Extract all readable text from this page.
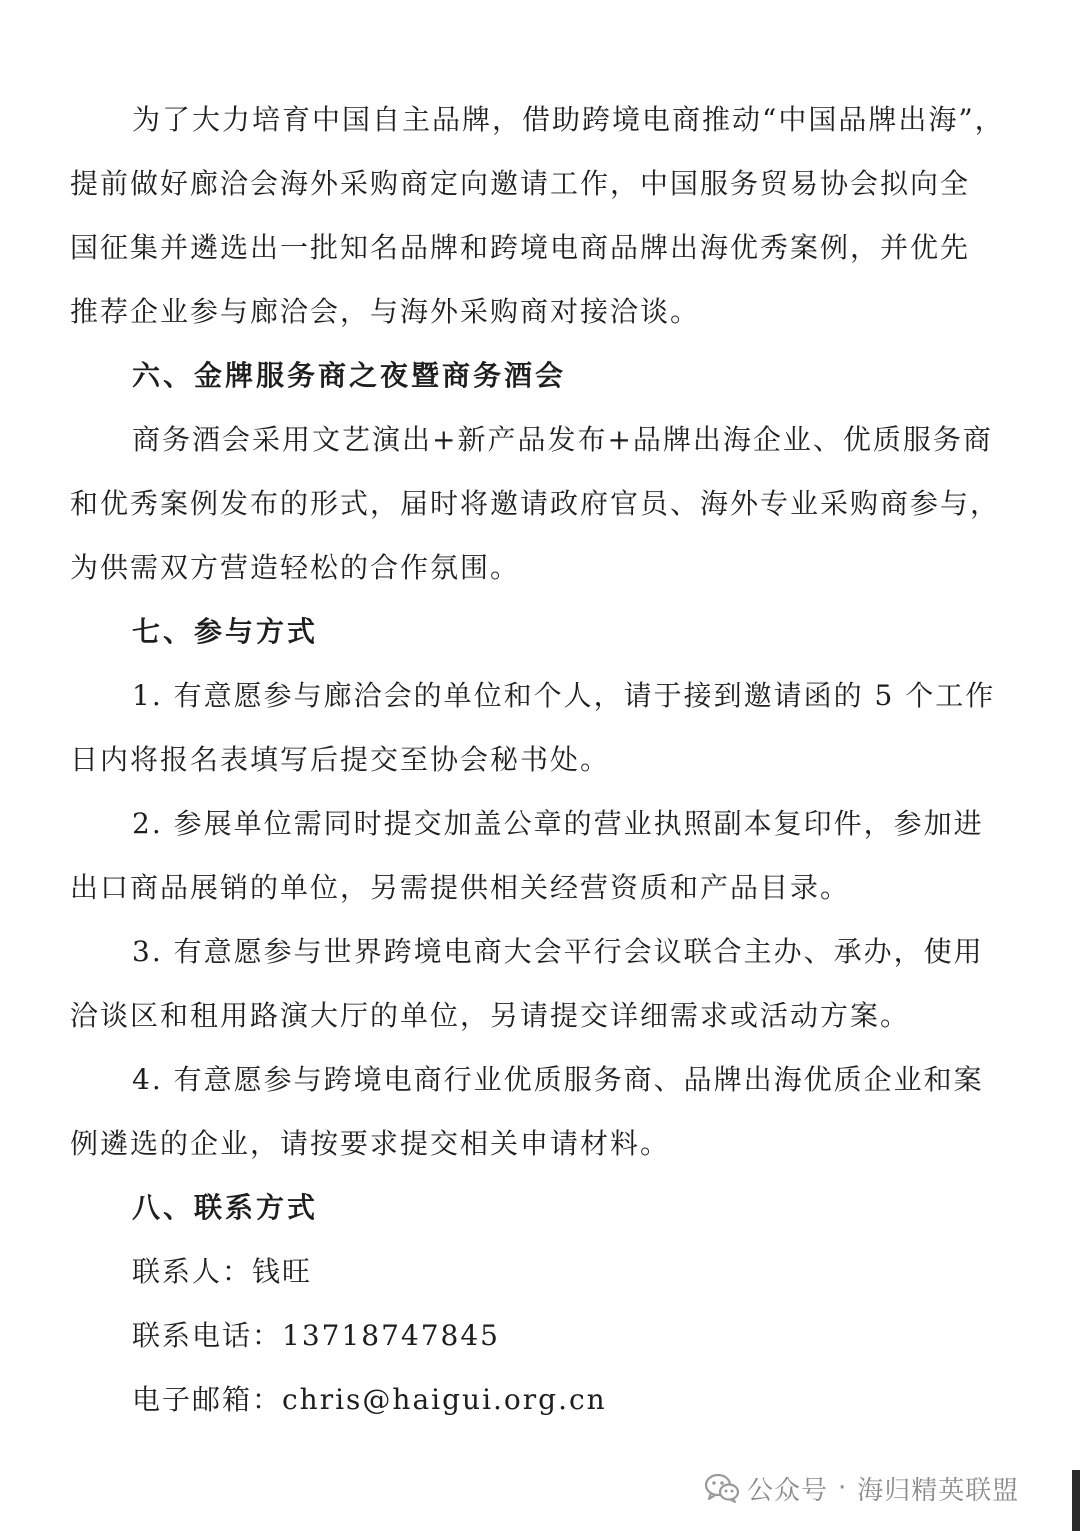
为了大力培育中国自主品牌，借助跨境电商推动“中国品牌出海”，
提前做好廊洽会海外采购商定向邀请工作，中国服务贸易协会拟向全
国征集并遴选出一批知名品牌和跨境电商品牌出海优秀案例，并优先
推荐企业参与廊洽会，与海外采购商对接洽谈。
六、金牌服务商之夜暨商务酒会
商务酒会采用文艺演出+新产品发布+品牌出海企业、优质服务商
和优秀案例发布的形式，届时将邀请政府官员、海外专业采购商参与，
为供需双方营造轻松的合作氛围。
七、参与方式
1. 有意愿参与廊洽会的单位和个人，请于接到邀请函的 5 个工作
日内将报名表填写后提交至协会秘书处。
2. 参展单位需同时提交加盖公章的营业执照副本复印件，参加进
出口商品展销的单位，另需提供相关经营资质和产品目录。
3. 有意愿参与世界跨境电商大会平行会议联合主办、承办，使用
洽谈区和租用路演大厅的单位，另请提交详细需求或活动方案。
4. 有意愿参与跨境电商行业优质服务商、品牌出海优质企业和案
例遴选的企业，请按要求提交相关申请材料。
八、联系方式
联系人：钱旺
联系电话：13718747845
电子邮箱：chris@haigui.org.cn
公众号 · 海归精英联盟
